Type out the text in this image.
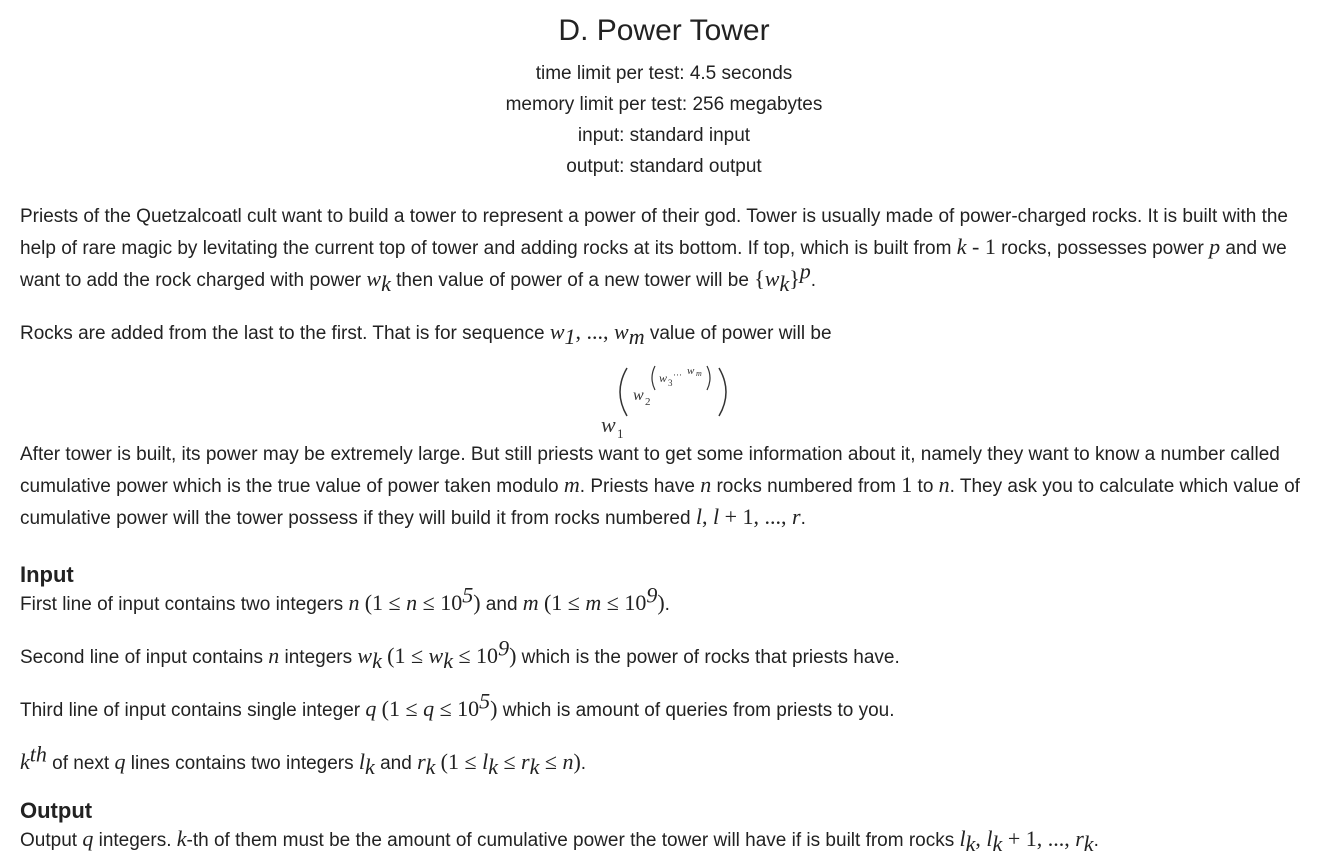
D. Power Tower
time limit per test: 4.5 seconds
memory limit per test: 256 megabytes
input: standard input
output: standard output

Priests of the Quetzalcoatl cult want to build a tower to represent a power of their god. Tower is usually made of power-charged rocks. It is built with the help of rare magic by levitating the current top of tower and adding rocks at its bottom. If top, which is built from k - 1 rocks, possesses power p and we want to add the rock charged with power $w_k$ then value of power of a new tower will be $\{w_k\}^p$.

Rocks are added from the last to the first. That is for sequence $w_1$, ..., $w_m$ value of power will be

w 1
w 2
w 3
··· w m

After tower is built, its power may be extremely large. But still priests want to get some information about it, namely they want to know a number called cumulative power which is the true value of power taken modulo m. Priests have n rocks numbered from 1 to n. They ask you to calculate which value of cumulative power will the tower possess if they will build it from rocks numbered l, l + 1, ..., r.

Input

First line of input contains two integers n $(1 \le n \le 10^5)$ and m $(1 \le m \le 10^9)$.

Second line of input contains n integers $w_k$ $(1 \le w_k \le 10^9)$ which is the power of rocks that priests have.

Third line of input contains single integer q $(1 \le q \le 10^5)$ which is amount of queries from priests to you.

$k^{th}$ of next q lines contains two integers $l_k$ and $r_k$ $(1 \le l_k \le r_k \le n)$.

Output

Output q integers. k-th of them must be the amount of cumulative power the tower will have if is built from rocks $l_k$, $l_k + 1$, ..., $r_k$.
